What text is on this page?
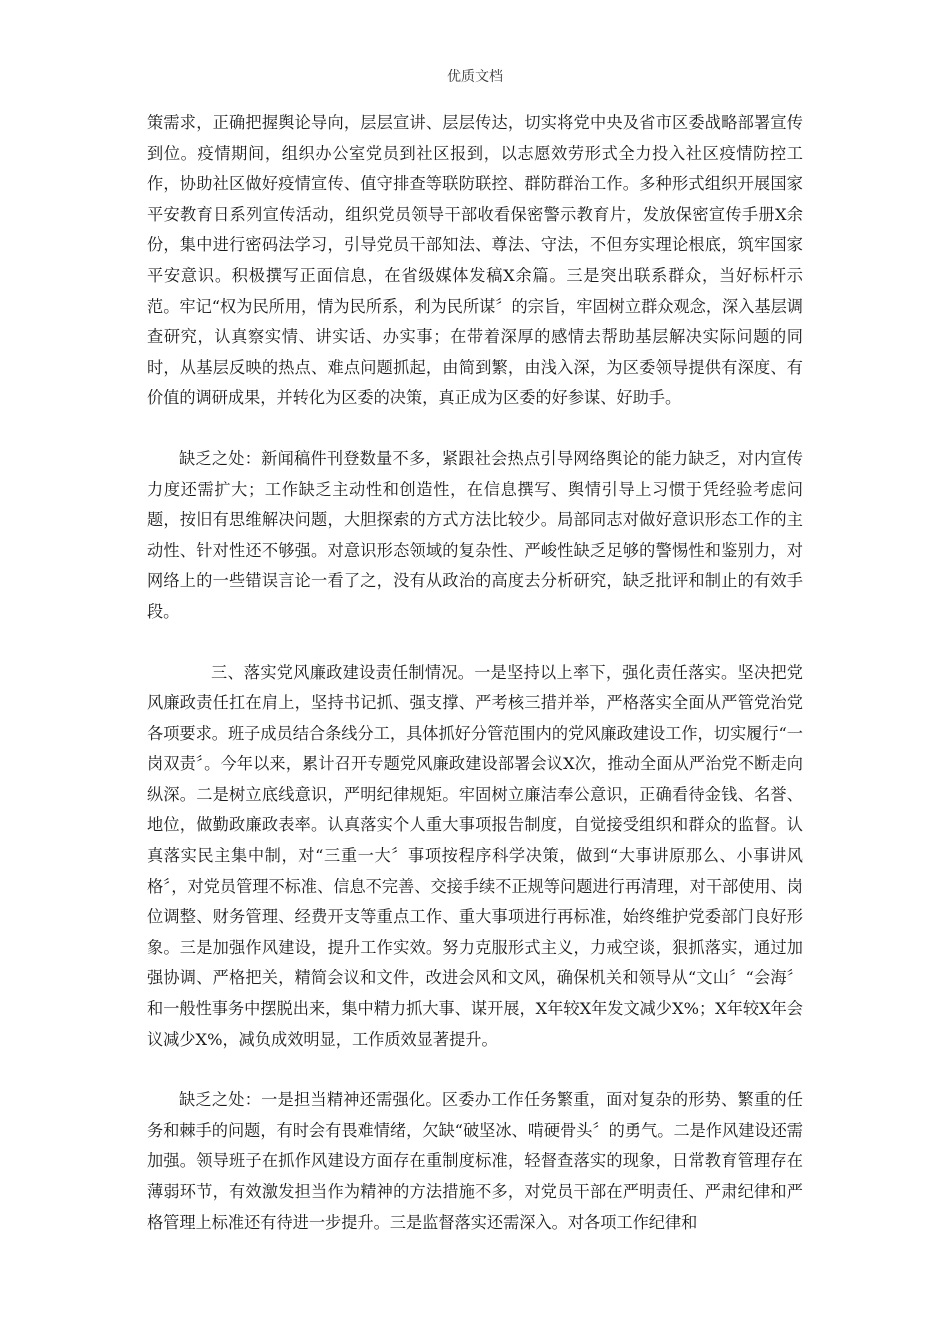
优质文档

策需求，正确把握舆论导向，层层宣讲、层层传达，切实将党中央及省市区委战略部署宣传到位。疫情期间，组织办公室党员到社区报到，以志愿效劳形式全力投入社区疫情防控工作，协助社区做好疫情宣传、值守排查等联防联控、群防群治工作。多种形式组织开展国家平安教育日系列宣传活动，组织党员领导干部收看保密警示教育片，发放保密宣传手册X余份，集中进行密码法学习，引导党员干部知法、尊法、守法，不但夯实理论根底，筑牢国家平安意识。积极撰写正面信息，在省级媒体发稿X余篇。三是突出联系群众，当好标杆示范。牢记“权为民所用，情为民所系，利为民所谋〞的宗旨，牢固树立群众观念，深入基层调查研究，认真察实情、讲实话、办实事；在带着深厚的感情去帮助基层解决实际问题的同时，从基层反映的热点、难点问题抓起，由简到繁，由浅入深，为区委领导提供有深度、有价值的调研成果，并转化为区委的决策，真正成为区委的好参谋、好助手。

缺乏之处：新闻稿件刊登数量不多，紧跟社会热点引导网络舆论的能力缺乏，对内宣传力度还需扩大；工作缺乏主动性和创造性，在信息撰写、舆情引导上习惯于凭经验考虑问题，按旧有思维解决问题，大胆探索的方式方法比较少。局部同志对做好意识形态工作的主动性、针对性还不够强。对意识形态领域的复杂性、严峻性缺乏足够的警惕性和鉴别力，对网络上的一些错误言论一看了之，没有从政治的高度去分析研究，缺乏批评和制止的有效手段。

三、落实党风廉政建设责任制情况。一是坚持以上率下，强化责任落实。坚决把党风廉政责任扛在肩上，坚持书记抓、强支撑、严考核三措并举，严格落实全面从严管党治党各项要求。班子成员结合条线分工，具体抓好分管范围内的党风廉政建设工作，切实履行“一岗双责〞。今年以来，累计召开专题党风廉政建设部署会议X次，推动全面从严治党不断走向纵深。二是树立底线意识，严明纪律规矩。牢固树立廉洁奉公意识，正确看待金钱、名誉、地位，做勤政廉政表率。认真落实个人重大事项报告制度，自觉接受组织和群众的监督。认真落实民主集中制，对“三重一大〞事项按程序科学决策，做到“大事讲原那么、小事讲风格〞，对党员管理不标准、信息不完善、交接手续不正规等问题进行再清理，对干部使用、岗位调整、财务管理、经费开支等重点工作、重大事项进行再标准，始终维护党委部门良好形象。三是加强作风建设，提升工作实效。努力克服形式主义，力戒空谈，狠抓落实，通过加强协调、严格把关，精简会议和文件，改进会风和文风，确保机关和领导从“文山〞“会海〞和一般性事务中摆脱出来，集中精力抓大事、谋开展，X年较X年发文减少X%；X年较X年会议减少X%，减负成效明显，工作质效显著提升。

缺乏之处：一是担当精神还需强化。区委办工作任务繁重，面对复杂的形势、繁重的任务和棘手的问题，有时会有畏难情绪，欠缺“破坚冰、啃硬骨头〞的勇气。二是作风建设还需加强。领导班子在抓作风建设方面存在重制度标准，轻督查落实的现象，日常教育管理存在薄弱环节，有效激发担当作为精神的方法措施不多，对党员干部在严明责任、严肃纪律和严格管理上标准还有待进一步提升。三是监督落实还需深入。对各项工作纪律和
